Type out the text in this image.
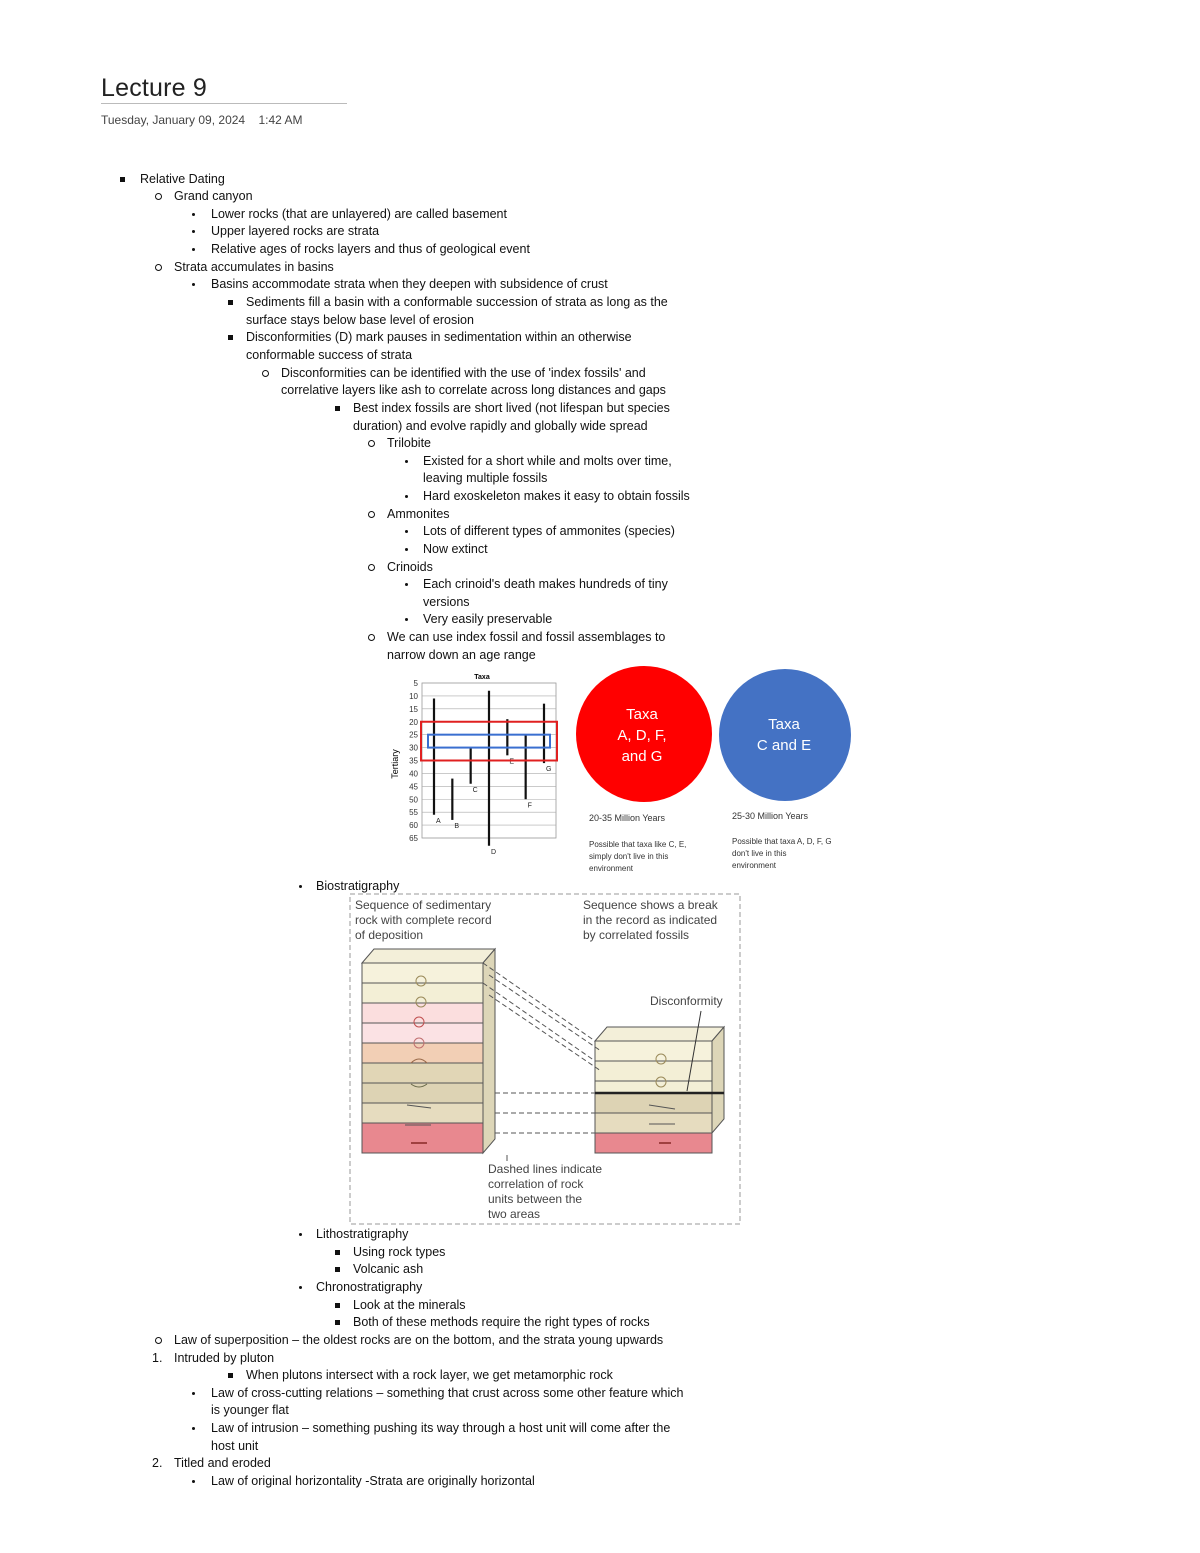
Lecture 9
Tuesday, January 09, 2024 1:42 AM
Relative Dating
Grand canyon
Lower rocks (that are unlayered) are called basement
Upper layered rocks are strata
Relative ages of rocks layers and thus of geological event
Strata accumulates in basins
Basins accommodate strata when they deepen with subsidence of crust
Sediments fill a basin with a conformable succession of strata as long as the
surface stays below base level of erosion
Disconformities (D) mark pauses in sedimentation within an otherwise
conformable success of strata
Disconformities can be identified with the use of 'index fossils' and
correlative layers like ash to correlate across long distances and gaps
Best index fossils are short lived (not lifespan but species
duration) and evolve rapidly and globally wide spread
Trilobite
Existed for a short while and molts over time,
leaving multiple fossils
Hard exoskeleton makes it easy to obtain fossils
Ammonites
Lots of different types of ammonites (species)
Now extinct
Crinoids
Each crinoid's death makes hundreds of tiny
versions
Very easily preservable
We can use index fossil and fossil assemblages to
narrow down an age range
Taxa
Tertiary
5
10
15
20
25
30
35
40
45
50
55
60
65
A
B
C
D
E
F
G
Taxa
A, D, F,
and G
20-35 Million Years
Possible that taxa like C, E,
simply don't live in this
environment
Taxa
C and E
25-30 Million Years
Possible that taxa A, D, F, G
don't live in this
environment
Biostratigraphy
Sequence of sedimentary
rock with complete record
of deposition
Sequence shows a break
in the record as indicated
by correlated fossils
Disconformity
Dashed lines indicate
correlation of rock
units between the
two areas
Lithostratigraphy
Using rock types
Volcanic ash
Chronostratigraphy
Look at the minerals
Both of these methods require the right types of rocks
Law of superposition – the oldest rocks are on the bottom, and the strata young upwards
1. Intruded by pluton
When plutons intersect with a rock layer, we get metamorphic rock
Law of cross-cutting relations – something that crust across some other feature which
is younger flat
Law of intrusion – something pushing its way through a host unit will come after the
host unit
2. Titled and eroded
Law of original horizontality -Strata are originally horizontal
